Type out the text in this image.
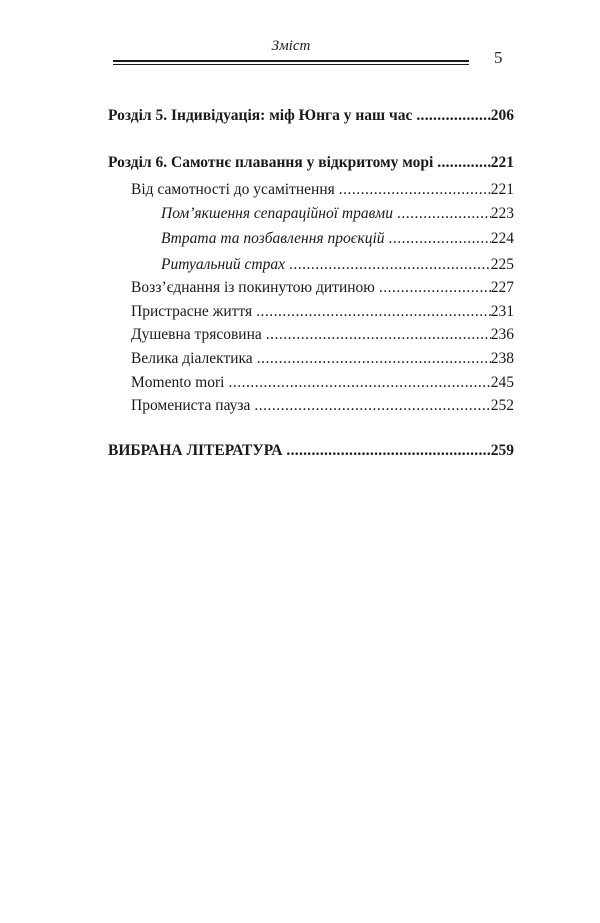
Зміст
5
Розділ 5. Індивідуація: міф Юнга у наш час .....	206
Розділ 6. Самотнє плавання у відкритому морі .....	221
Від самотності до усамітнення .....	221
Пом’якшення сепараційної травми .....	223
Втрата та позбавлення проєкцій .....	224
Ритуальний страх .....	225
Возз’єднання із покинутою дитиною .....	227
Пристрасне життя .....	231
Душевна трясовина .....	236
Велика діалектика .....	238
Momento mori .....	245
Промениста пауза .....	252
ВИБРАНА ЛІТЕРАТУРА .....	259
